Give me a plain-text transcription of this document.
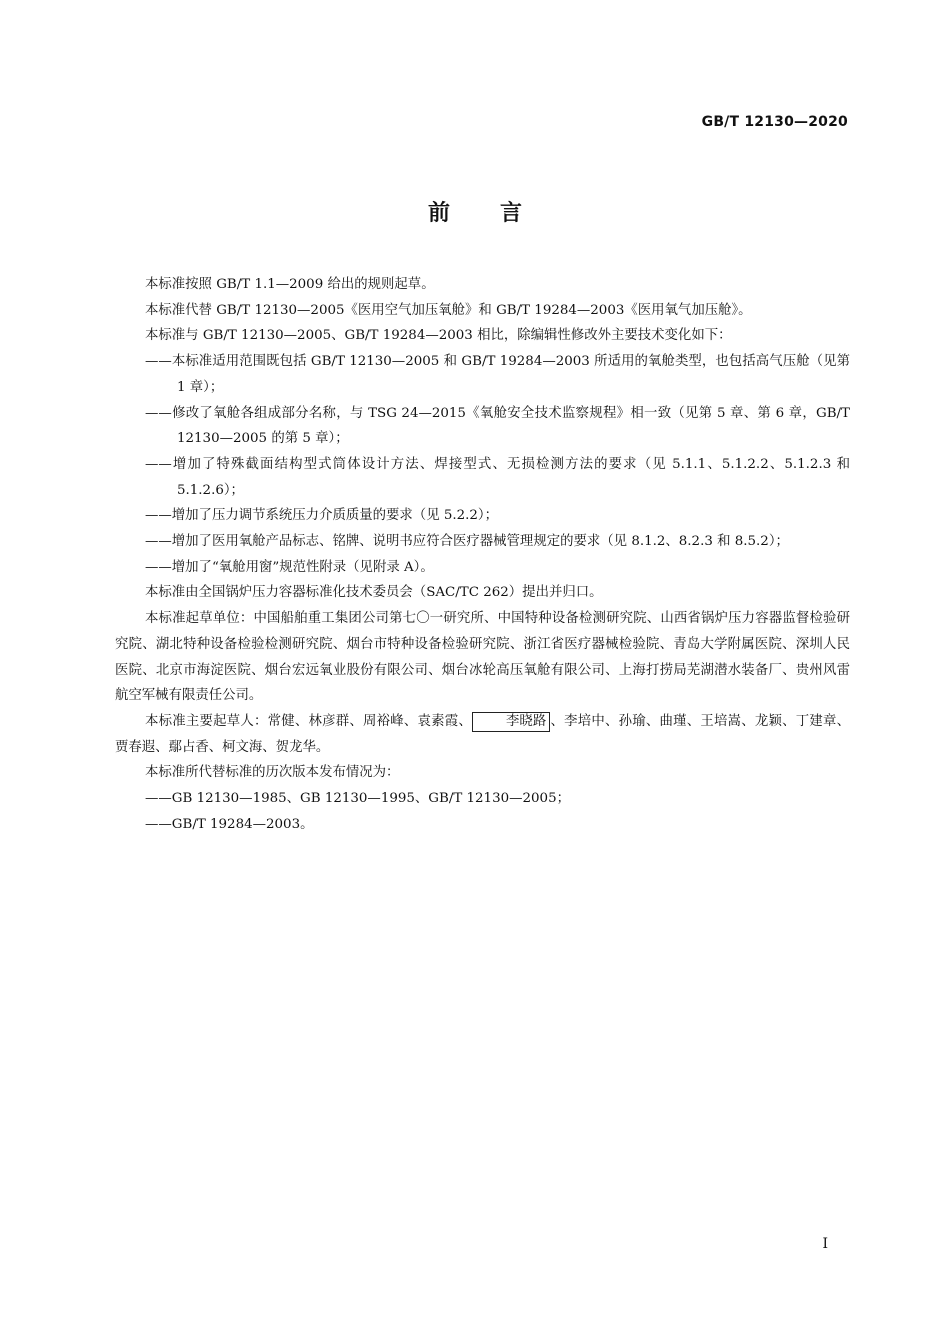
GB/T 12130—2020
前言

本标准按照 GB/T 1.1—2009 给出的规则起草。

本标准代替 GB/T 12130—2005《医用空气加压氧舱》和 GB/T 19284—2003《医用氧气加压舱》。

本标准与 GB/T 12130—2005、GB/T 19284—2003 相比，除编辑性修改外主要技术变化如下：

——本标准适用范围既包括 GB/T 12130—2005 和 GB/T 19284—2003 所适用的氧舱类型，也包括高气压舱（见第 1 章）；

——修改了氧舱各组成部分名称，与 TSG 24—2015《氧舱安全技术监察规程》相一致（见第 5 章、第 6 章，GB/T 12130—2005 的第 5 章）；

——增加了特殊截面结构型式筒体设计方法、焊接型式、无损检测方法的要求（见 5.1.1、5.1.2.2、5.1.2.3 和 5.1.2.6）；

——增加了压力调节系统压力介质质量的要求（见 5.2.2）；

——增加了医用氧舱产品标志、铭牌、说明书应符合医疗器械管理规定的要求（见 8.1.2、8.2.3 和 8.5.2）；

——增加了“氧舱用窗”规范性附录（见附录 A）。

本标准由全国锅炉压力容器标准化技术委员会（SAC/TC 262）提出并归口。

本标准起草单位：中国船舶重工集团公司第七〇一研究所、中国特种设备检测研究院、山西省锅炉压力容器监督检验研究院、湖北特种设备检验检测研究院、烟台市特种设备检验研究院、浙江省医疗器械检验院、青岛大学附属医院、深圳人民医院、北京市海淀医院、烟台宏远氧业股份有限公司、烟台冰轮高压氧舱有限公司、上海打捞局芜湖潜水装备厂、贵州风雷航空军械有限责任公司。

本标准主要起草人：常健、林彦群、周裕峰、袁素霞、	李晓路 、李培中、孙瑜、曲瑾、王培嵩、龙颖、丁建章、贾春遐、鄢占香、柯文海、贺龙华。

本标准所代替标准的历次版本发布情况为：

——GB 12130—1985、GB 12130—1995、GB/T 12130—2005；

——GB/T 19284—2003。

I
